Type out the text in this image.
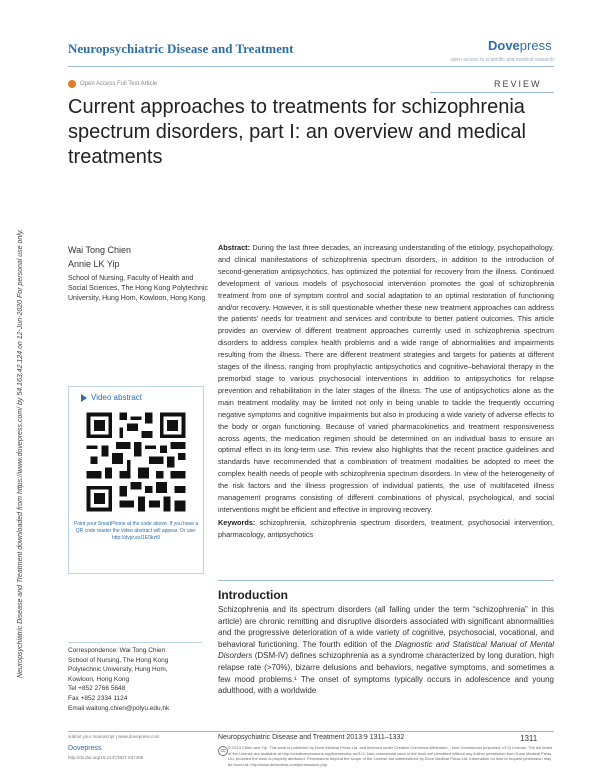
Neuropsychiatric Disease and Treatment	Dovepress
open access to scientific and medical research
Open Access Full Text Article	REVIEW
Current approaches to treatments for schizophrenia spectrum disorders, part I: an overview and medical treatments
Neuropsychiatric Disease and Treatment downloaded from https://www.dovepress.com/ by 54.163.42.124 on 12-Jun-2020 For personal use only.	Wai Tong Chien
Annie LK Yip
School of Nursing, Faculty of Health and Social Sciences, The Hong Kong Polytechnic University, Hung Hom, Kowloon, Hong Kong
Video abstract
Point your SmartPhone at the code above. If you have a QR code reader the video abstract will appear. Or use: http://dvpr.es/1E0kzt9
Abstract: During the last three decades, an increasing understanding of the etiology, psychopathology, and clinical manifestations of schizophrenia spectrum disorders, in addition to the introduction of second-generation antipsychotics, has optimized the potential for recovery from the illness. Continued development of various models of psychosocial intervention promotes the goal of schizophrenia treatment from one of symptom control and social adaptation to an optimal restoration of functioning and/or recovery. However, it is still questionable whether these new treatment approaches can address the patients' needs for treatment and services and contribute to better patient outcomes. This article provides an overview of different treatment approaches currently used in schizophrenia spectrum disorders to address complex health problems and a wide range of abnormalities and impairments resulting from the illness. There are different treatment strategies and targets for patients at different stages of the illness, ranging from prophylactic antipsychotics and cognitive–behavioral therapy in the premorbid stage to various psychosocial interventions in addition to antipsychotics for relapse prevention and rehabilitation in the later stages of the illness. The use of antipsychotics alone as the main treatment modality may be limited not only in being unable to tackle the frequently occurring negative symptoms and cognitive impairments but also in producing a wide variety of adverse effects to the body or organ functioning. Because of varied pharmacokinetics and treatment responsiveness across agents, the medication regimen should be determined on an individual basis to ensure an optimal effect in its long-term use. This review also highlights that the recent practice guidelines and standards have recommended that a combination of treatment modalities be adopted to meet the complex health needs of people with schizophrenia spectrum disorders. In view of the heterogeneity of the risk factors and the illness progression of individual patients, the use of multifaceted illness management programs consisting of different combinations of physical, psychological, and social interventions might be efficient and effective in improving recovery.
Keywords: schizophrenia, schizophrenia spectrum disorders, treatment, psychosocial intervention, pharmacology, antipsychotics
Introduction
Schizophrenia and its spectrum disorders (all falling under the term “schizophrenia” in this article) are chronic remitting and disruptive disorders associated with significant abnormalities and the progressive deterioration of a wide variety of cognitive, psychosocial, vocational, and behavioral functioning. The fourth edition of the Diagnostic and Statistical Manual of Mental Disorders (DSM-IV) defines schizophrenia as a syndrome characterized by long duration, high relapse rate (>70%), bizarre delusions and behaviors, negative symptoms, and sometimes a few mood problems.¹ The onset of symptoms typically occurs in adolescence and young adulthood, with a worldwide
Correspondence: Wai Tong Chien
School of Nursing, The Hong Kong
Polytechnic University, Hung Hom,
Kowloon, Hong Kong
Tel +852 2766 5648
Fax +852 2334 1124
Email waitong.chien@polyu.edu.hk
submit your manuscript | www.dovepress.com
Dovepress
http://dx.doi.org/10.2147/NDT.S37485
Neuropsychiatric Disease and Treatment 2013:9 1311–1332	1311
cc
© 2013 Chien and Yip. This work is published by Dove Medical Press Ltd, and licensed under Creative Commons Attribution – Non Commercial (unported, v3.0) License. The full terms of the License are available at http://creativecommons.org/licenses/by-nc/3.0/. Non-commercial uses of the work are permitted without any further permission from Dove Medical Press Ltd, provided the work is properly attributed. Permissions beyond the scope of the License are administered by Dove Medical Press Ltd. Information on how to request permission may be found at: http://www.dovepress.com/permissions.php
